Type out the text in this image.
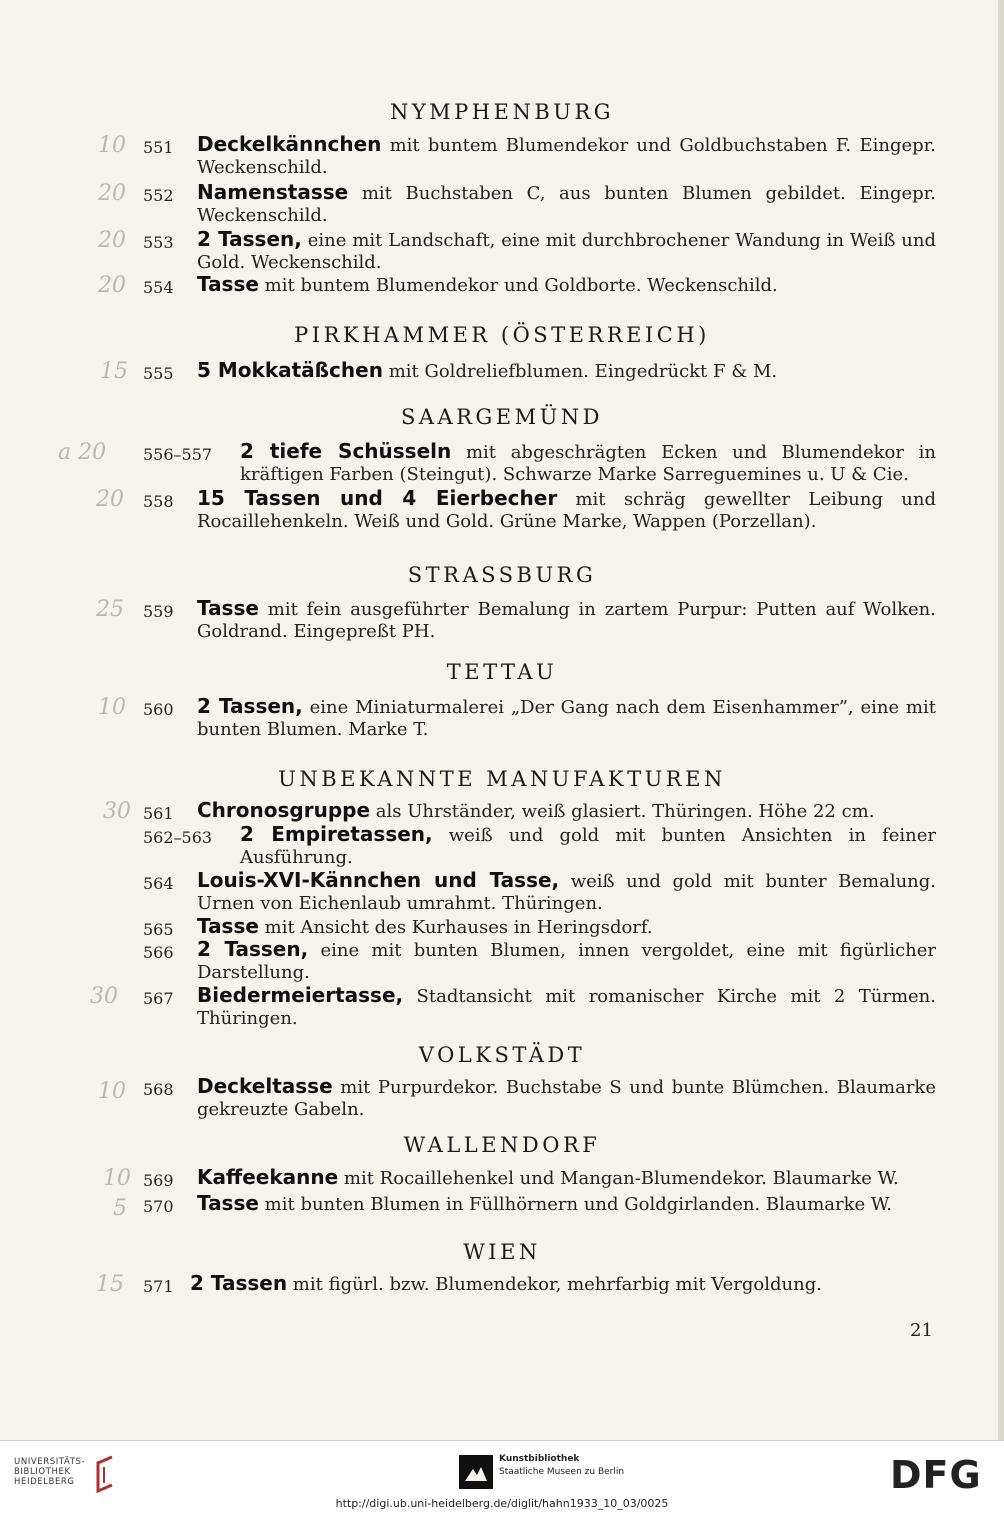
NYMPHENBURG
10 551 Deckelkännchen mit buntem Blumendekor und Goldbuchstaben F. Eingepr. Weckenschild.
20 552 Namenstasse mit Buchstaben C, aus bunten Blumen gebildet. Eingepr. Weckenschild.
20 553 2 Tassen, eine mit Landschaft, eine mit durchbrochener Wandung in Weiß und Gold. Weckenschild.
20 554 Tasse mit buntem Blumendekor und Goldborte. Weckenschild.
PIRKHAMMER (ÖSTERREICH)
15 555 5 Mokkatäßchen mit Goldreliefblumen. Eingedrückt F & M.
SAARGEMÜND
a 20 556–557 2 tiefe Schüsseln mit abgeschrägten Ecken und Blumendekor in kräftigen Farben (Steingut). Schwarze Marke Sarreguemines u. U & Cie.
20 558 15 Tassen und 4 Eierbecher mit schräg gewellter Leibung und Rocaillehenkeln. Weiß und Gold. Grüne Marke, Wappen (Porzellan).
STRASSBURG
25 559 Tasse mit fein ausgeführter Bemalung in zartem Purpur: Putten auf Wolken. Goldrand. Eingepreßt PH.
TETTAU
10 560 2 Tassen, eine Miniaturmalerei „Der Gang nach dem Eisenhammer”, eine mit bunten Blumen. Marke T.
UNBEKANNTE MANUFAKTUREN
30 561 Chronosgruppe als Uhrständer, weiß glasiert. Thüringen. Höhe 22 cm.
562–563 2 Empiretassen, weiß und gold mit bunten Ansichten in feiner Ausführung.
564 Louis-XVI-Kännchen und Tasse, weiß und gold mit bunter Bemalung. Urnen von Eichenlaub umrahmt. Thüringen.
565 Tasse mit Ansicht des Kurhauses in Heringsdorf.
566 2 Tassen, eine mit bunten Blumen, innen vergoldet, eine mit figürlicher Darstellung.
30 567 Biedermeiertasse, Stadtansicht mit romanischer Kirche mit 2 Türmen. Thüringen.
VOLKSTÄDT
10 568 Deckeltasse mit Purpurdekor. Buchstabe S und bunte Blümchen. Blaumarke gekreuzte Gabeln.
WALLENDORF
10 569 Kaffeekanne mit Rocaillehenkel und Mangan-Blumendekor. Blaumarke W.
5 570 Tasse mit bunten Blumen in Füllhörnern und Goldgirlanden. Blaumarke W.
WIEN
15 571 2 Tassen mit figürl. bzw. Blumendekor, mehrfarbig mit Vergoldung.
21
UNIVERSITÄTS-
BIBLIOTHEK
HEIDELBERG
Kunstbibliothek
Staatliche Museen zu Berlin	DFG
http://digi.ub.uni-heidelberg.de/diglit/hahn1933_10_03/0025
